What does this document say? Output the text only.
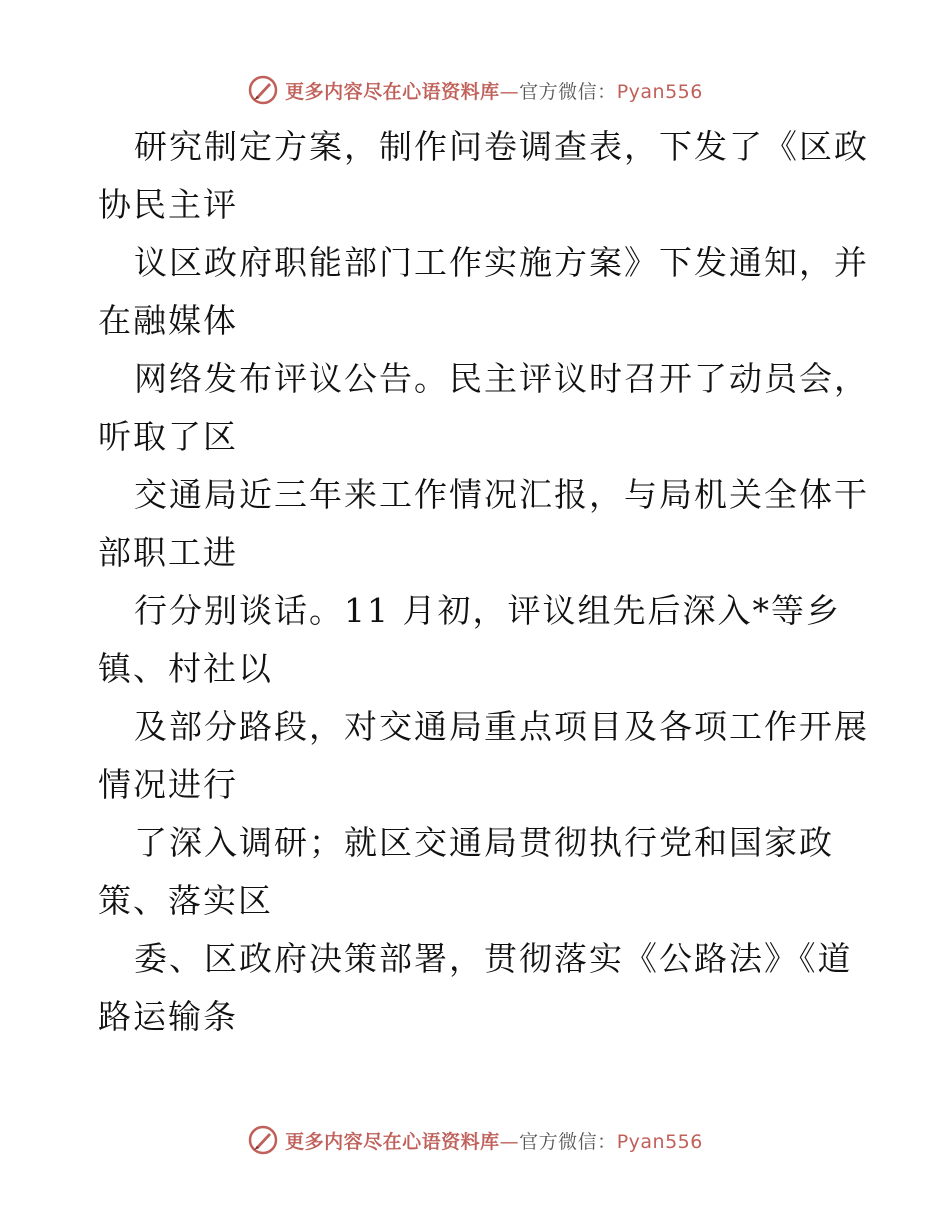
更多内容尽在心语资料库—官方微信：Pyan556
研究制定方案，制作问卷调查表，下发了《区政
协民主评
议区政府职能部门工作实施方案》下发通知，并
在融媒体
网络发布评议公告。民主评议时召开了动员会，
听取了区
交通局近三年来工作情况汇报，与局机关全体干
部职工进
行分别谈话。11 月初，评议组先后深入*等乡
镇、村社以
及部分路段，对交通局重点项目及各项工作开展
情况进行
了深入调研；就区交通局贯彻执行党和国家政
策、落实区
委、区政府决策部署，贯彻落实《公路法》《道
路运输条
更多内容尽在心语资料库—官方微信：Pyan556
